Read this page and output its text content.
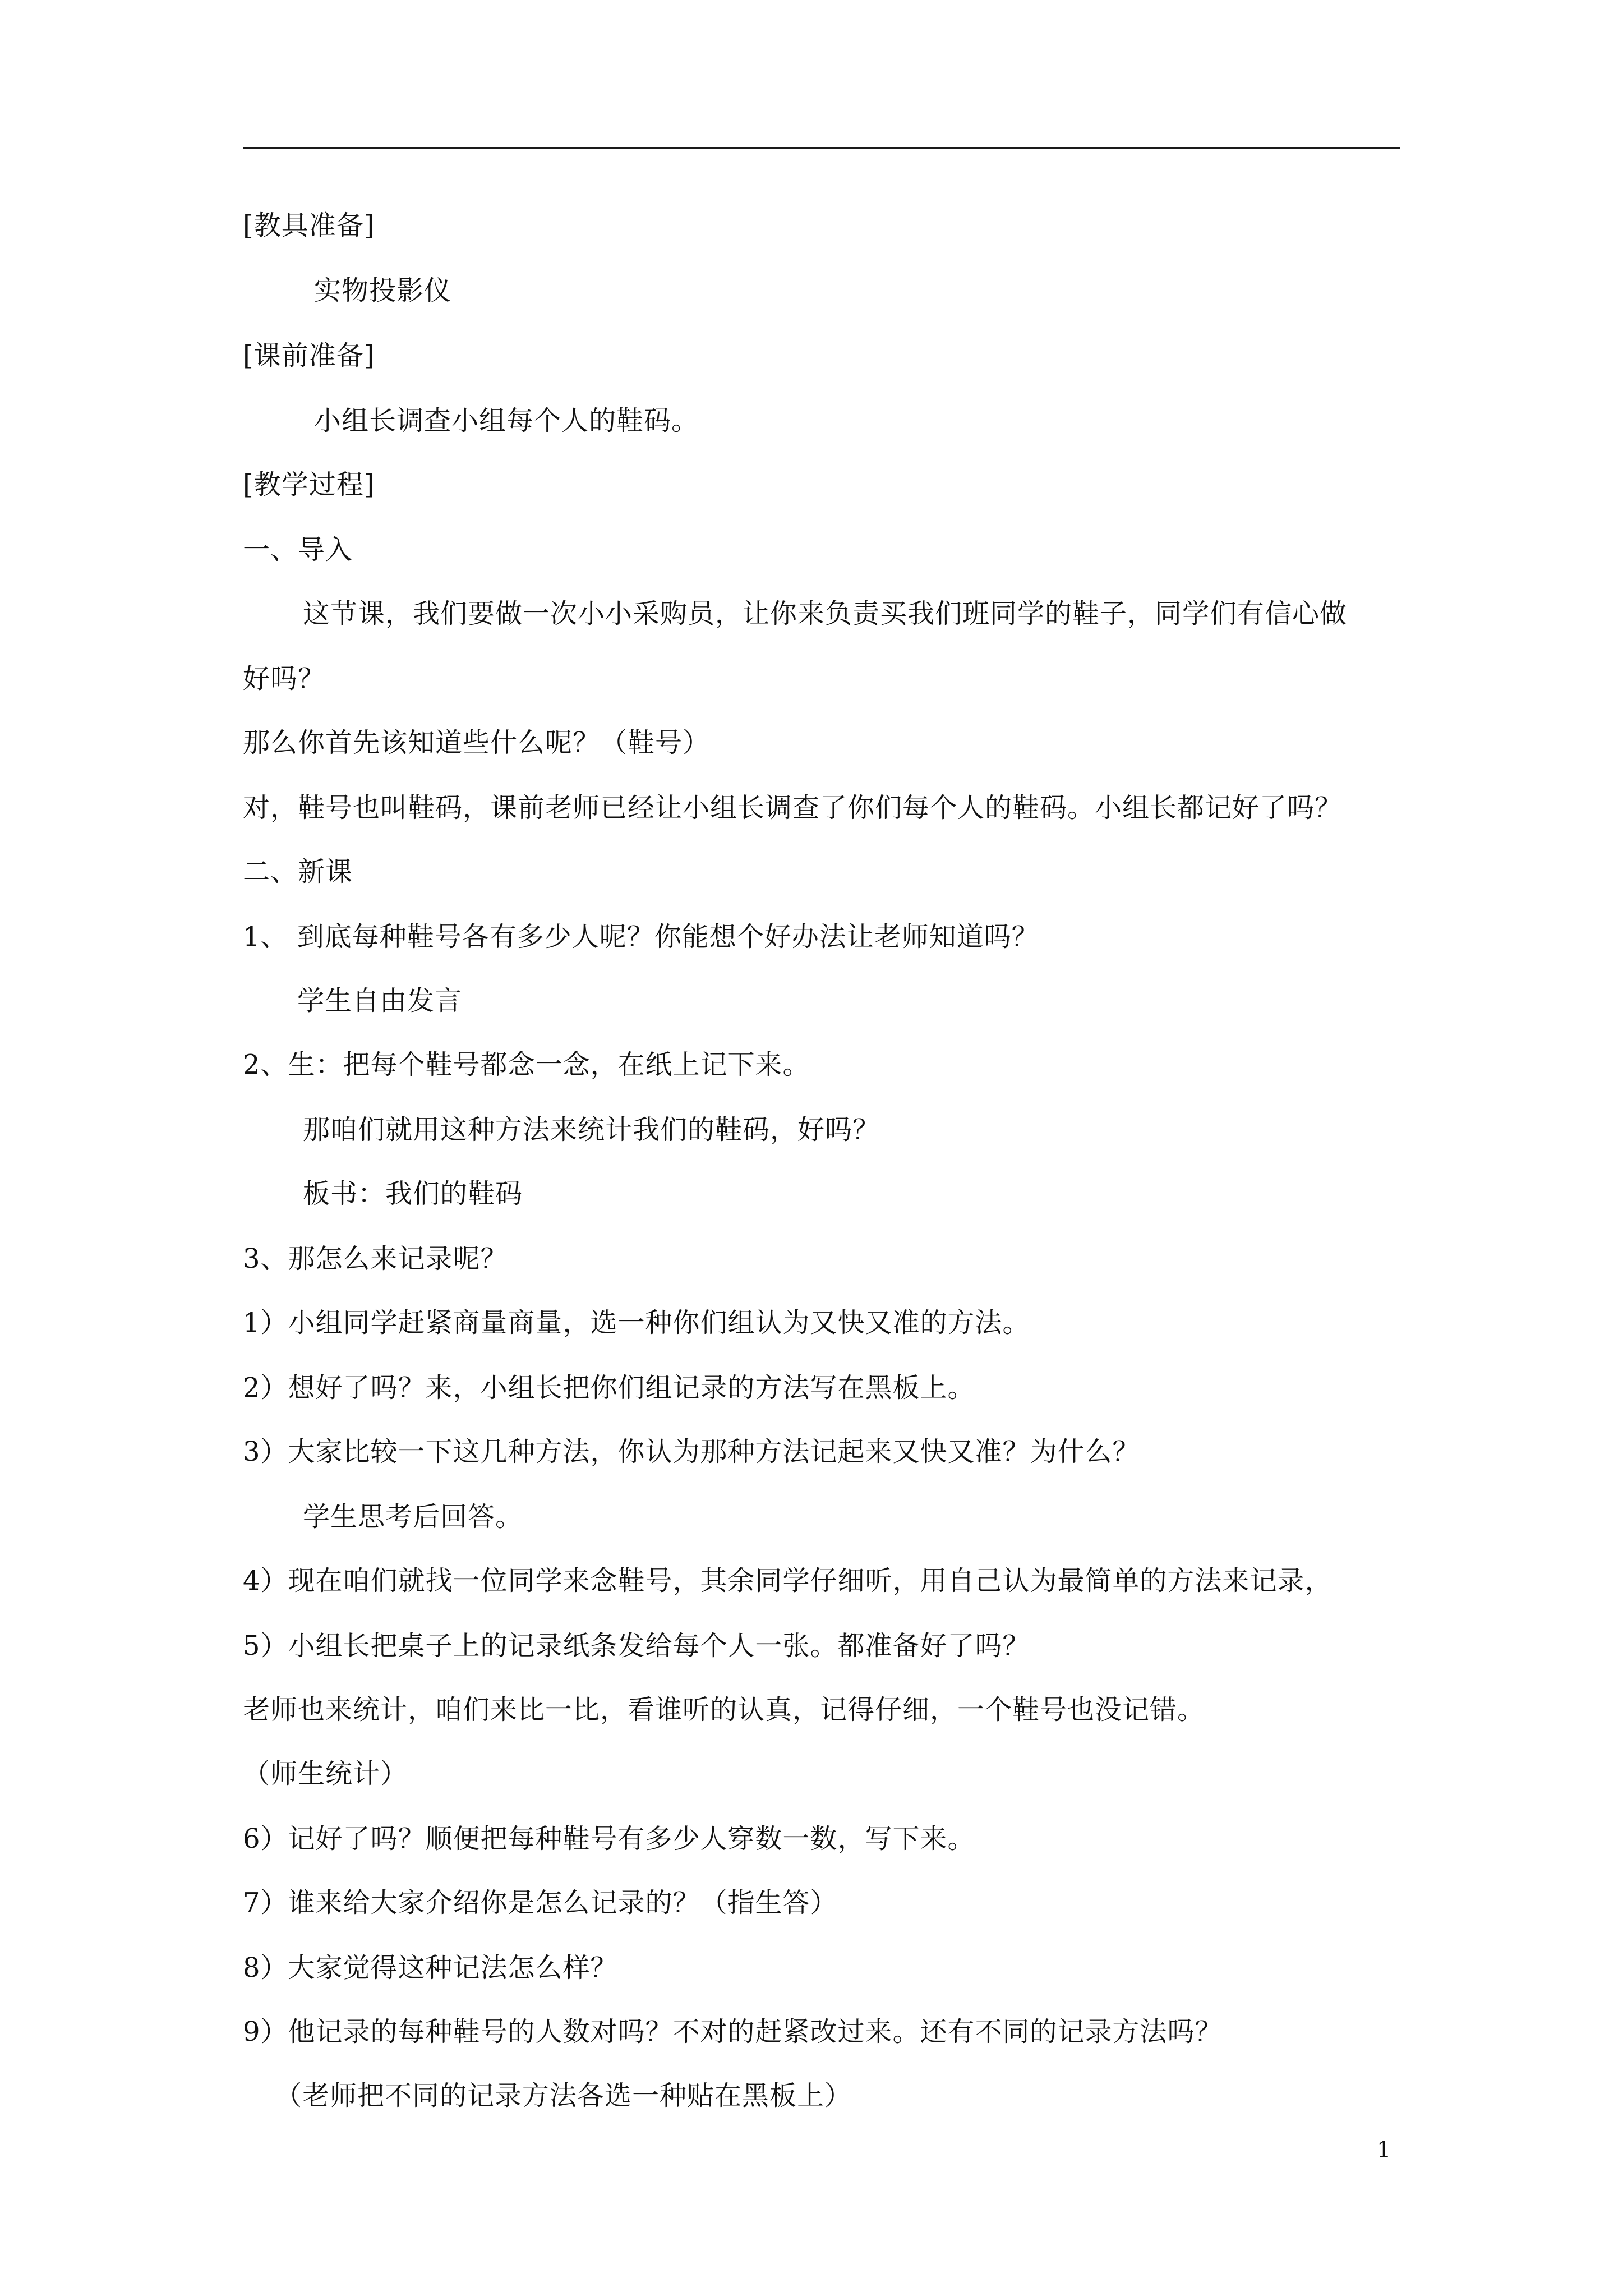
[教具准备]
实物投影仪
[课前准备]
小组长调查小组每个人的鞋码。
[教学过程]
一、导入
这节课，我们要做一次小小采购员，让你来负责买我们班同学的鞋子，同学们有信心做
好吗？
那么你首先该知道些什么呢？（鞋号）
对，鞋号也叫鞋码，课前老师已经让小组长调查了你们每个人的鞋码。小组长都记好了吗？
二、新课
1、 到底每种鞋号各有多少人呢？你能想个好办法让老师知道吗？
学生自由发言
2、生：把每个鞋号都念一念，在纸上记下来。
那咱们就用这种方法来统计我们的鞋码，好吗？
板书：我们的鞋码
3、那怎么来记录呢？
1）小组同学赶紧商量商量，选一种你们组认为又快又准的方法。
2）想好了吗？来，小组长把你们组记录的方法写在黑板上。
3）大家比较一下这几种方法，你认为那种方法记起来又快又准？为什么？
学生思考后回答。
4）现在咱们就找一位同学来念鞋号，其余同学仔细听，用自己认为最简单的方法来记录，
5）小组长把桌子上的记录纸条发给每个人一张。都准备好了吗？
老师也来统计，咱们来比一比，看谁听的认真，记得仔细，一个鞋号也没记错。
（师生统计）
6）记好了吗？顺便把每种鞋号有多少人穿数一数，写下来。
7）谁来给大家介绍你是怎么记录的？（指生答）
8）大家觉得这种记法怎么样？
9）他记录的每种鞋号的人数对吗？不对的赶紧改过来。还有不同的记录方法吗？
（老师把不同的记录方法各选一种贴在黑板上）
1
